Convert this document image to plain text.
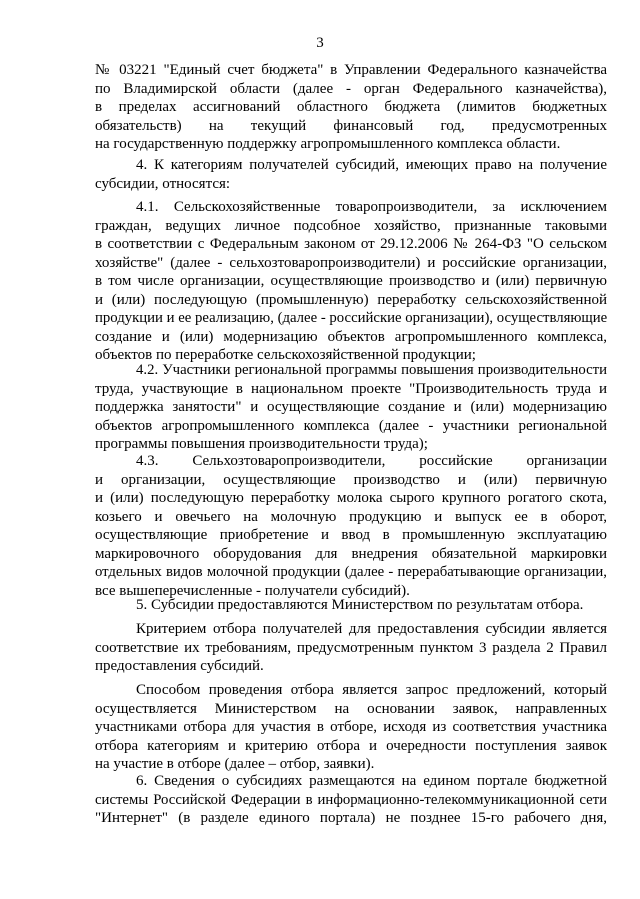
3
№ 03221 "Единый счет бюджета" в Управлении Федерального казначейства
по Владимирской области (далее - орган Федерального казначейства),
в пределах ассигнований областного бюджета (лимитов бюджетных
обязательств) на текущий финансовый год, предусмотренных
на государственную поддержку агропромышленного комплекса области.
4. К категориям получателей субсидий, имеющих право на получение
субсидии, относятся:
4.1. Сельскохозяйственные товаропроизводители, за исключением
граждан, ведущих личное подсобное хозяйство, признанные таковыми
в соответствии с Федеральным законом от 29.12.2006 № 264-ФЗ "О сельском
хозяйстве" (далее - сельхозтоваропроизводители) и российские организации,
в том числе организации, осуществляющие производство и (или) первичную
и (или) последующую (промышленную) переработку сельскохозяйственной
продукции и ее реализацию, (далее - российские организации), осуществляющие
создание и (или) модернизацию объектов агропромышленного комплекса,
объектов по переработке сельскохозяйственной продукции;
4.2. Участники региональной программы повышения производительности
труда, участвующие в национальном проекте "Производительность труда и
поддержка занятости" и осуществляющие создание и (или) модернизацию
объектов агропромышленного комплекса (далее - участники региональной
программы повышения производительности труда);
4.3. Сельхозтоваропроизводители, российские организации
и организации, осуществляющие производство и (или) первичную
и (или) последующую переработку молока сырого крупного рогатого скота,
козьего и овечьего на молочную продукцию и выпуск ее в оборот,
осуществляющие приобретение и ввод в промышленную эксплуатацию
маркировочного оборудования для внедрения обязательной маркировки
отдельных видов молочной продукции (далее - перерабатывающие организации,
все вышеперечисленные - получатели субсидий).
5. Субсидии предоставляются Министерством по результатам отбора.
Критерием отбора получателей для предоставления субсидии является
соответствие их требованиям, предусмотренным пунктом 3 раздела 2 Правил
предоставления субсидий.
Способом проведения отбора является запрос предложений, который
осуществляется Министерством на основании заявок, направленных
участниками отбора для участия в отборе, исходя из соответствия участника
отбора категориям и критерию отбора и очередности поступления заявок
на участие в отборе (далее – отбор, заявки).
6. Сведения о субсидиях размещаются на едином портале бюджетной
системы Российской Федерации в информационно-телекоммуникационной сети
"Интернет" (в разделе единого портала) не позднее 15-го рабочего дня,
